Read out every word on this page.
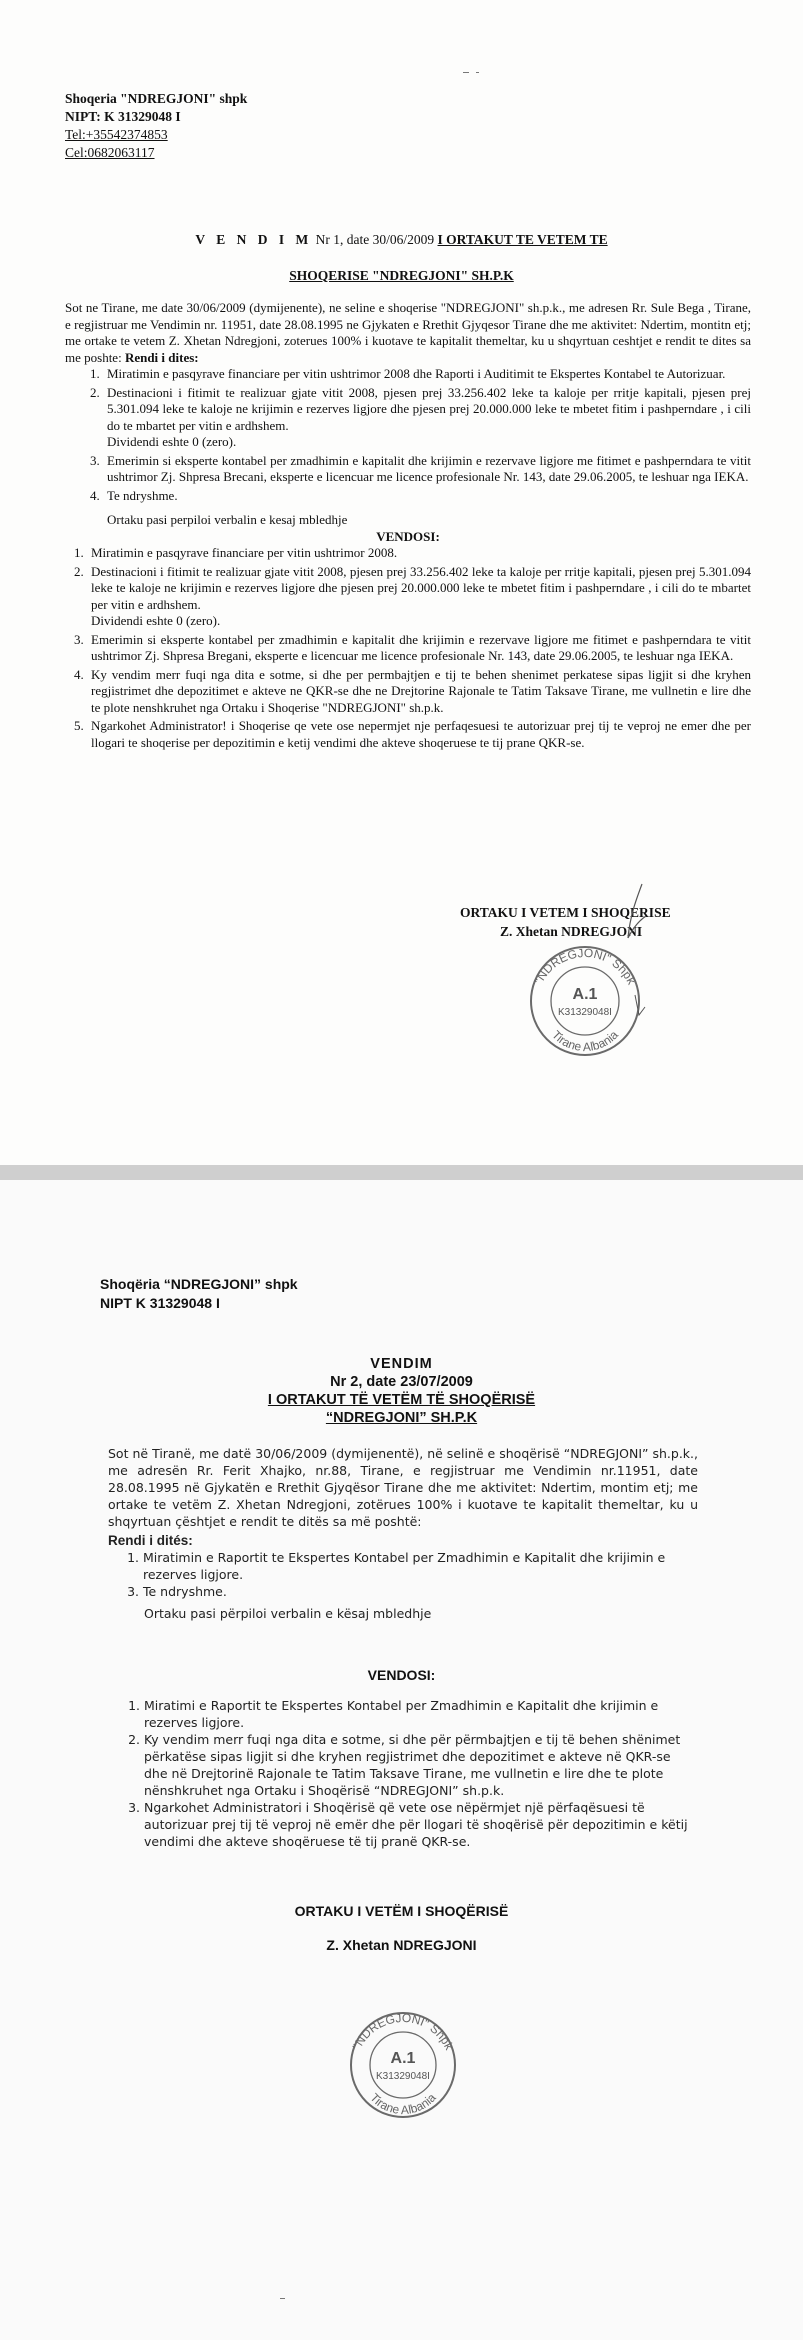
Shoqeria "NDREGJONI" shpk
NIPT: K 31329048 I
Tel:+35542374853
Cel:0682063117
V E N D I M Nr 1, date 30/06/2009 I ORTAKUT TE VETEM TE
SHOQERISE "NDREGJONI" SH.P.K

Sot ne Tirane, me date 30/06/2009 (dymijenente), ne seline e shoqerise "NDREGJONI" sh.p.k., me adresen Rr. Sule Bega , Tirane, e regjistruar me Vendimin nr. 11951, date 28.08.1995 ne Gjykaten e Rrethit Gjyqesor Tirane dhe me aktivitet: Ndertim, montitn etj; me ortake te vetem Z. Xhetan Ndregjoni, zoterues 100% i kuotave te kapitalit themeltar, ku u shqyrtuan ceshtjet e rendit te dites sa me poshte: Rendi i dites:

1. Miratimin e pasqyrave financiare per vitin ushtrimor 2008 dhe Raporti i Auditimit te Ekspertes Kontabel te Autorizuar.
2. Destinacioni i fitimit te realizuar gjate vitit 2008, pjesen prej 33.256.402 leke ta kaloje per rritje kapitali, pjesen prej 5.301.094 leke te kaloje ne krijimin e rezerves ligjore dhe pjesen prej 20.000.000 leke te mbetet fitim i pashperndare , i cili do te mbartet per vitin e ardhshem.
Dividendi eshte 0 (zero).
3. Emerimin si eksperte kontabel per zmadhimin e kapitalit dhe krijimin e rezervave ligjore me fitimet e pashperndara te vitit ushtrimor Zj. Shpresa Brecani, eksperte e licencuar me licence profesionale Nr. 143, date 29.06.2005, te leshuar nga IEKA.
4. Te ndryshme.

Ortaku pasi perpiloi verbalin e kesaj mbledhje

VENDOSI:

1. Miratimin e pasqyrave financiare per vitin ushtrimor 2008.
2. Destinacioni i fitimit te realizuar gjate vitit 2008, pjesen prej 33.256.402 leke ta kaloje per rritje kapitali, pjesen prej 5.301.094 leke te kaloje ne krijimin e rezerves ligjore dhe pjesen prej 20.000.000 leke te mbetet fitim i pashperndare , i cili do te mbartet per vitin e ardhshem.
Dividendi eshte 0 (zero).
3. Emerimin si eksperte kontabel per zmadhimin e kapitalit dhe krijimin e rezervave ligjore me fitimet e pashperndara te vitit ushtrimor Zj. Shpresa Bregani, eksperte e licencuar me licence profesionale Nr. 143, date 29.06.2005, te leshuar nga IEKA.
4. Ky vendim merr fuqi nga dita e sotme, si dhe per permbajtjen e tij te behen shenimet perkatese sipas ligjit si dhe kryhen regjistrimet dhe depozitimet e akteve ne QKR-se dhe ne Drejtorine Rajonale te Tatim Taksave Tirane, me vullnetin e lire dhe te plote nenshkruhet nga Ortaku i Shoqerise "NDREGJONI" sh.p.k.
5. Ngarkohet Administrator! i Shoqerise qe vete ose nepermjet nje perfaqesuesi te autorizuar prej tij te veproj ne emer dhe per llogari te shoqerise per depozitimin e ketij vendimi dhe akteve shoqeruese te tij prane QKR-se.
ORTAKU I VETEM I SHOQERISE
Z. Xhetan NDREGJONI
"NDREGJONI" Shpk
Tirane Albania
A.1
K31329048I
Shoqëria “NDREGJONI” shpk
NIPT K 31329048 I
VENDIM
Nr 2, date 23/07/2009
I ORTAKUT TË VETËM TË SHOQËRISË
“NDREGJONI” SH.P.K
Sot në Tiranë, me datë 30/06/2009 (dymijenentë), në selinë e shoqërisë “NDREGJONI” sh.p.k., me adresën Rr. Ferit Xhajko, nr.88, Tirane, e regjistruar me Vendimin nr.11951, date 28.08.1995 në Gjykatën e Rrethit Gjyqësor Tirane dhe me aktivitet: Ndertim, montim etj; me ortake te vetëm Z. Xhetan Ndregjoni, zotërues 100% i kuotave te kapitalit themeltar, ku u shqyrtuan çështjet e rendit te ditës sa më poshtë:
Rendi i dités:
1. Miratimin e Raportit te Ekspertes Kontabel per Zmadhimin e Kapitalit dhe krijimin e rezerves ligjore.
3. Te ndryshme.
Ortaku pasi përpiloi verbalin e kësaj mbledhje
VENDOSI:
1. Miratimi e Raportit te Ekspertes Kontabel per Zmadhimin e Kapitalit dhe krijimin e rezerves ligjore.
2. Ky vendim merr fuqi nga dita e sotme, si dhe për përmbajtjen e tij të behen shënimet përkatëse sipas ligjit si dhe kryhen regjistrimet dhe depozitimet e akteve në QKR-se dhe në Drejtorinë Rajonale te Tatim Taksave Tirane, me vullnetin e lire dhe te plote nënshkruhet nga Ortaku i Shoqërisë “NDREGJONI” sh.p.k.
3. Ngarkohet Administratori i Shoqërisë që vete ose nëpërmjet një përfaqësuesi të autorizuar prej tij të veproj në emër dhe për llogari të shoqërisë për depozitimin e këtij vendimi dhe akteve shoqëruese të tij pranë QKR-se.
ORTAKU I VETËM I SHOQËRISË
Z. Xhetan NDREGJONI
"NDREGJONI" Shpk
Tirane Albania
A.1
K31329048I
